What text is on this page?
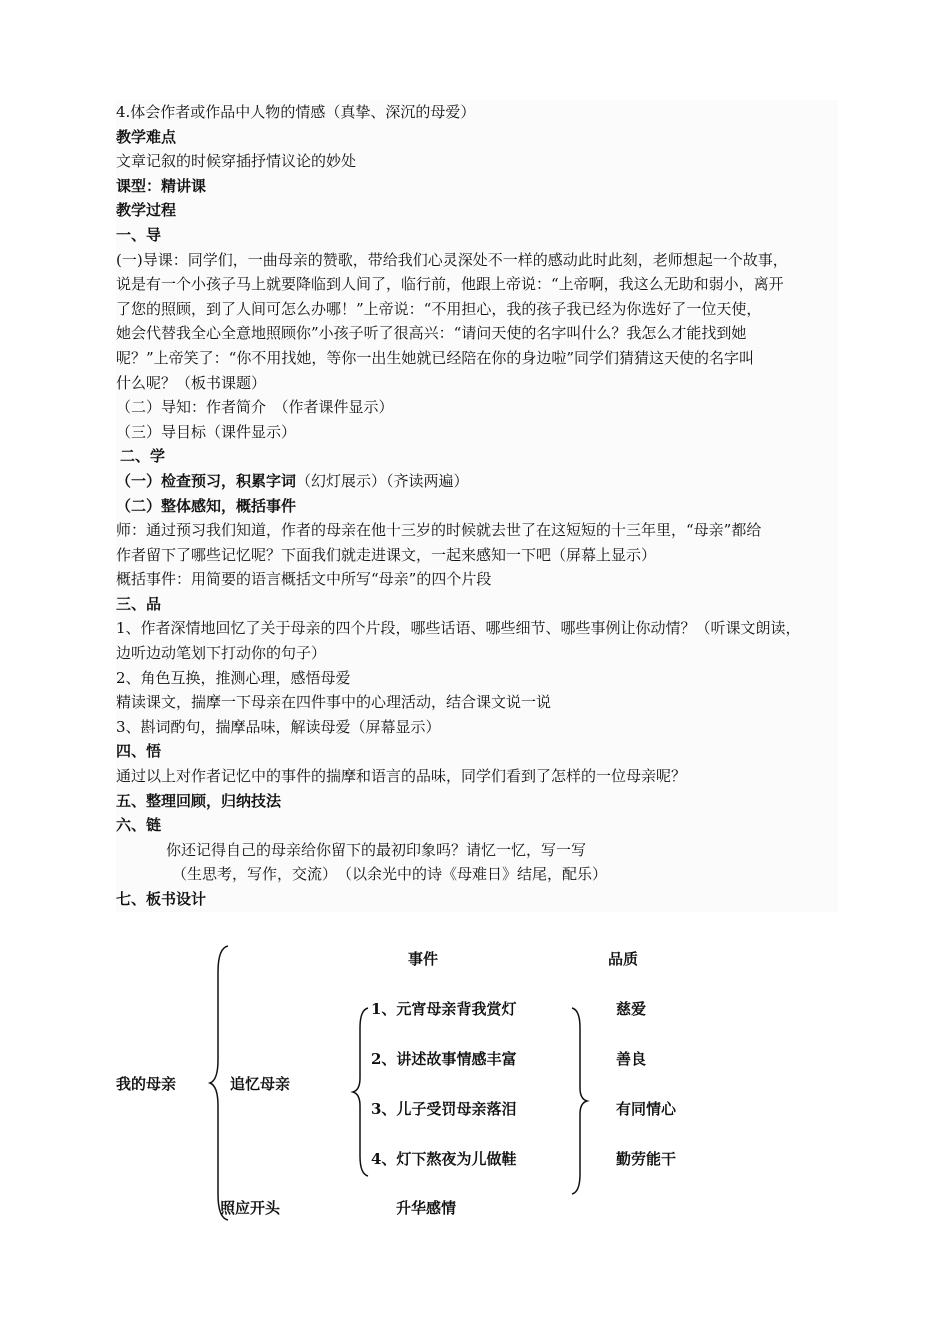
4.体会作者或作品中人物的情感（真挚、深沉的母爱）

教学难点

文章记叙的时候穿插抒情议论的妙处

课型：精讲课

教学过程

一、导

(一)导课：同学们，一曲母亲的赞歌，带给我们心灵深处不一样的感动此时此刻，老师想起一个故事，

说是有一个小孩子马上就要降临到人间了，临行前，他跟上帝说：“上帝啊，我这么无助和弱小，离开

了您的照顾，到了人间可怎么办哪！”上帝说：“不用担心，我的孩子我已经为你选好了一位天使，

她会代替我全心全意地照顾你”小孩子听了很高兴：“请问天使的名字叫什么？我怎么才能找到她

呢？”上帝笑了：“你不用找她，等你一出生她就已经陪在你的身边啦”同学们猜猜这天使的名字叫

什么呢？（板书课题）

（二）导知：作者简介　（作者课件显示）

（三）导目标（课件显示）

二、学

（一）检查预习，积累字词（幻灯展示）（齐读两遍）

（二）整体感知，概括事件

师：通过预习我们知道，作者的母亲在他十三岁的时候就去世了在这短短的十三年里，“母亲”都给

作者留下了哪些记忆呢？下面我们就走进课文，一起来感知一下吧（屏幕上显示）

概括事件：用简要的语言概括文中所写“母亲”的四个片段

三、品

1、作者深情地回忆了关于母亲的四个片段，哪些话语、哪些细节、哪些事例让你动情？（听课文朗读，

边听边动笔划下打动你的句子）

2、角色互换，推测心理，感悟母爱

精读课文，揣摩一下母亲在四件事中的心理活动，结合课文说一说

3、斟词酌句，揣摩品味，解读母爱（屏幕显示）

四、悟

通过以上对作者记忆中的事件的揣摩和语言的品味，同学们看到了怎样的一位母亲呢？

五、整理回顾，归纳技法

六、链

你还记得自己的母亲给你留下的最初印象吗？请忆一忆，写一写

（生思考，写作，交流）　（以余光中的诗《母难日》结尾，配乐）

七、板书设计

事件	品质
我的母亲	追忆母亲
1、元宵母亲背我赏灯
2、讲述故事情感丰富
3、儿子受罚母亲落泪
4、灯下熬夜为儿做鞋
慈爱
善良
有同情心
勤劳能干
照应开头	升华感情
